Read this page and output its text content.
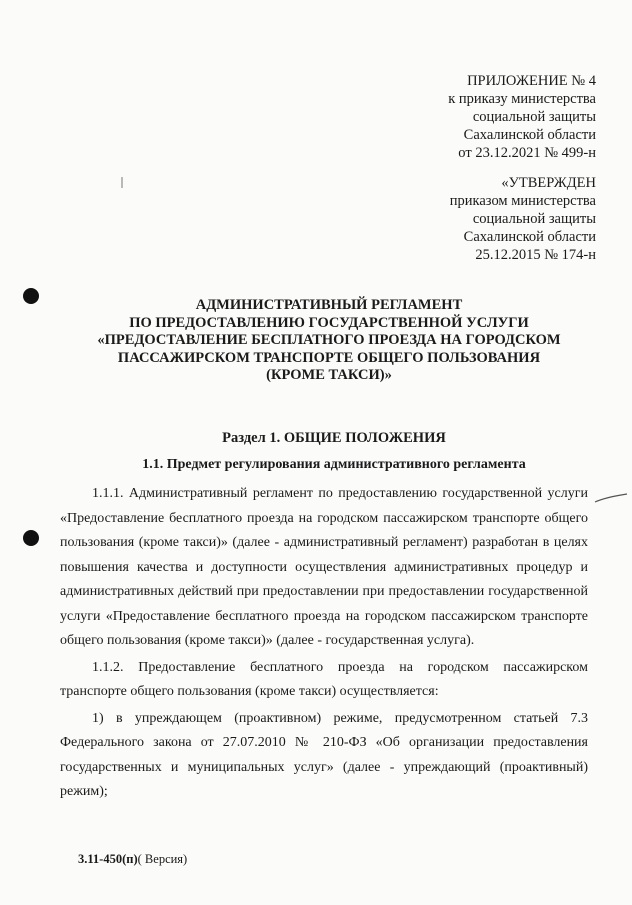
ПРИЛОЖЕНИЕ № 4
к приказу министерства
социальной защиты
Сахалинской области
от 23.12.2021 № 499-н
«УТВЕРЖДЕН
приказом министерства
социальной защиты
Сахалинской области
25.12.2015 № 174-н
АДМИНИСТРАТИВНЫЙ РЕГЛАМЕНТ
ПО ПРЕДОСТАВЛЕНИЮ ГОСУДАРСТВЕННОЙ УСЛУГИ
«ПРЕДОСТАВЛЕНИЕ БЕСПЛАТНОГО ПРОЕЗДА НА ГОРОДСКОМ
ПАССАЖИРСКОМ ТРАНСПОРТЕ ОБЩЕГО ПОЛЬЗОВАНИЯ
(КРОМЕ ТАКСИ)»
Раздел 1. ОБЩИЕ ПОЛОЖЕНИЯ
1.1. Предмет регулирования административного регламента

1.1.1. Административный регламент по предоставлению государственной услуги «Предоставление бесплатного проезда на городском пассажирском транспорте общего пользования (кроме такси)» (далее - административный регламент) разработан в целях повышения качества и доступности осуществления административных процедур и административных действий при предоставлении при предоставлении государственной услуги «Предоставление бесплатного проезда на городском пассажирском транспорте общего пользования (кроме такси)» (далее - государственная услуга).

1.1.2. Предоставление бесплатного проезда на городском пассажирском транспорте общего пользования (кроме такси) осуществляется:

1) в упреждающем (проактивном) режиме, предусмотренном статьей 7.3 Федерального закона от 27.07.2010 № 210-ФЗ «Об организации предоставления государственных и муниципальных услуг» (далее - упреждающий (проактивный) режим);

3.11-450(п)( Версия)
